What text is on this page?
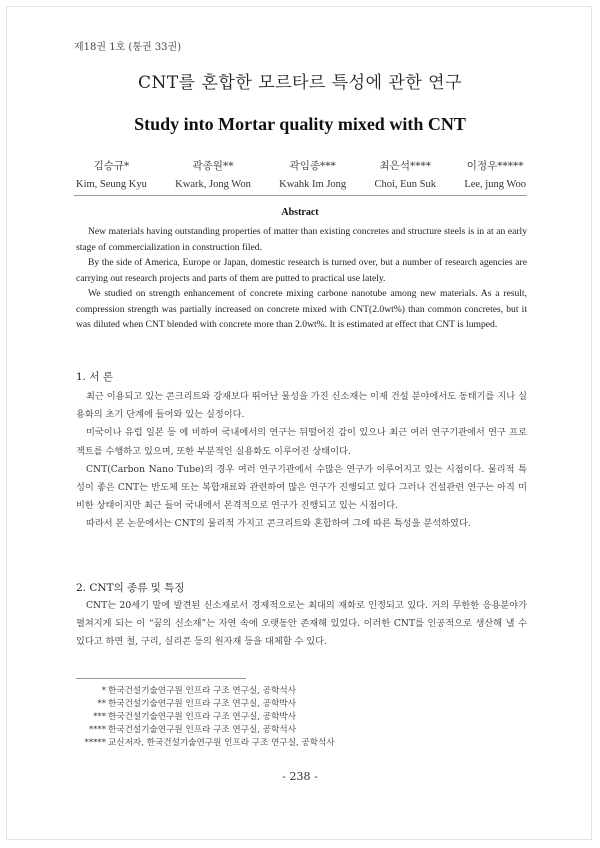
제18권 1호 (통권 33권)
CNT를 혼합한 모르타르 특성에 관한 연구
Study into Mortar quality mixed with CNT
김승규*
Kim, Seung Kyu
곽종원**
Kwark, Jong Won
곽임종***
Kwahk Im Jong
최은석****
Choi, Eun Suk
이정우*****
Lee, jung Woo
Abstract

New materials having outstanding properties of matter than existing concretes and structure steels is in at an early stage of commercialization in construction filed.

By the side of America, Europe or Japan, domestic research is turned over, but a number of research agencies are carrying out research projects and parts of them are putted to practical use lately.

We studied on strength enhancement of concrete mixing carbone nanotube among new materials. As a result, compression strength was partially increased on concrete mixed with CNT(2.0wt%) than common concretes, but it was diluted when CNT blended with concrete more than 2.0wt%. It is estimated at effect that CNT is lumped.

1. 서 론

최근 이용되고 있는 콘크리트와 강재보다 뛰어난 물성을 가진 신소재는 이제 건설 분야에서도 동태기를 지나 실용화의 초기 단계에 들어와 있는 실정이다.

미국이나 유럽 일본 등 에 비하여 국내에서의 연구는 뒤떨어진 감이 있으나 최근 여러 연구기관에서 연구 프로젝트를 수행하고 있으며, 또한 부분적인 실용화도 이루어진 상태이다.

CNT(Carbon Nano Tube)의 경우 여러 연구기관에서 수많은 연구가 이루어지고 있는 시점이다. 물리적 특성이 좋은 CNT는 반도체 또는 복합재료와 관련하여 많은 연구가 진행되고 있다 그러나 건설관련 연구는 아직 미비한 상태이지만 최근 들어 국내에서 본격적으로 연구가 진행되고 있는 시점이다.

따라서 본 논문에서는 CNT의 물리적 가지고 콘크리트와 혼합하여 그에 따른 특성을 분석하였다.

2. CNT의 종류 및 특징

CNT는 20세기 말에 발견된 신소재로서 경제적으로는 최대의 재화로 인정되고 있다. 거의 무한한 응용분야가 펼쳐지게 되는 이 “꿈의 신소재”는 자연 속에 오랫동안 존재해 있었다. 이러한 CNT를 인공적으로 생산해 낼 수 있다고 하면 철, 구리, 실리콘 등의 원자재 등을 대체할 수 있다.

* 한국건설기술연구원 인프라 구조 연구실, 공학석사
** 한국건설기술연구원 인프라 구조 연구실, 공학박사
*** 한국건설기술연구원 인프라 구조 연구실, 공학박사
**** 한국건설기술연구원 인프라 구조 연구실, 공학석사
***** 교신저자, 한국건설기술연구원 인프라 구조 연구실, 공학석사
- 238 -
